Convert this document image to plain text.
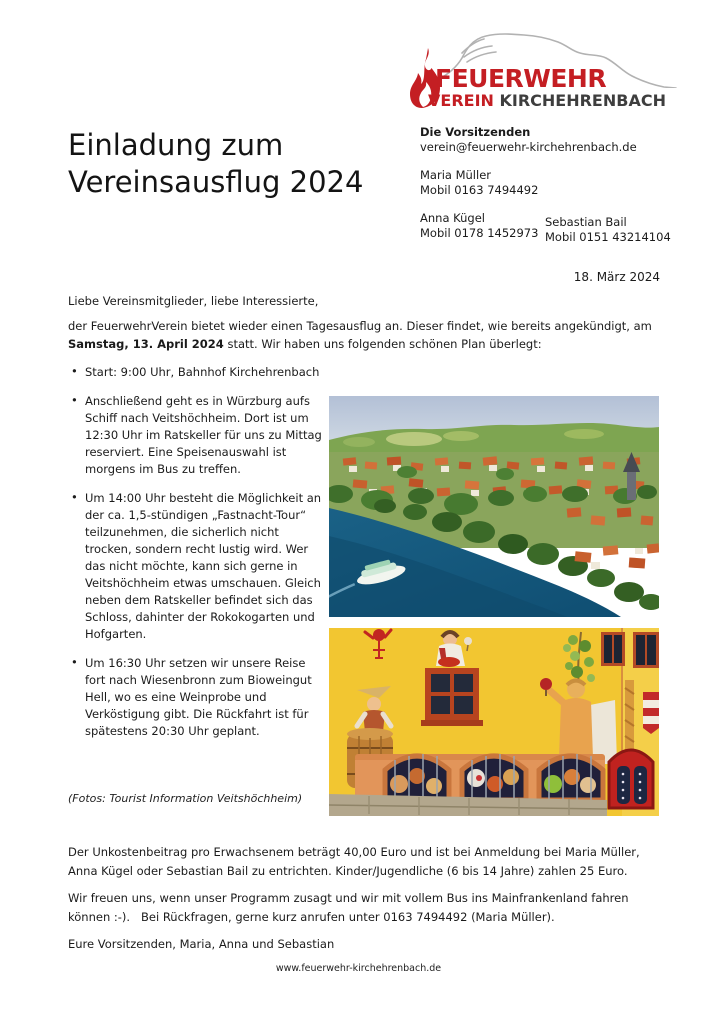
FEUERWEHR
VEREIN KIRCHEHRENBACH
Einladung zum
Vereinsausflug 2024
Die Vorsitzenden
verein@feuerwehr-kirchehrenbach.de
Maria Müller
Mobil 0163 7494492
Anna Kügel
Mobil 0178 1452973
Sebastian Bail
Mobil 0151 43214104
18. März 2024

Liebe Vereinsmitglieder, liebe Interessierte,

der FeuerwehrVerein bietet wieder einen Tagesausflug an. Dieser findet, wie bereits angekündigt, am Samstag, 13. April 2024 statt. Wir haben uns folgenden schönen Plan überlegt:

• Start: 9:00 Uhr, Bahnhof Kirchehrenbach
• Anschließend geht es in Würzburg aufs Schiff nach Veitshöchheim. Dort ist um 12:30 Uhr im Ratskeller für uns zu Mittag reserviert. Eine Speisenauswahl ist morgens im Bus zu treffen.
• Um 14:00 Uhr besteht die Möglichkeit an der ca. 1,5-stündigen „Fastnacht-Tour“ teilzunehmen, die sicherlich nicht trocken, sondern recht lustig wird. Wer das nicht möchte, kann sich gerne in Veitshöchheim etwas umschauen. Gleich neben dem Ratskeller befindet sich das Schloss, dahinter der Rokokogarten und Hofgarten.
• Um 16:30 Uhr setzen wir unsere Reise fort nach Wiesenbronn zum Bioweingut Hell, wo es eine Weinprobe und Verköstigung gibt. Die Rückfahrt ist für spätestens 20:30 Uhr geplant.
(Fotos: Tourist Information Veitshöchheim)

Der Unkostenbeitrag pro Erwachsenem beträgt 40,00 Euro und ist bei Anmeldung bei Maria Müller, Anna Kügel oder Sebastian Bail zu entrichten. Kinder/Jugendliche (6 bis 14 Jahre) zahlen 25 Euro.

Wir freuen uns, wenn unser Programm zusagt und wir mit vollem Bus ins Mainfrankenland fahren können :-).   Bei Rückfragen, gerne kurz anrufen unter 0163 7494492 (Maria Müller).

Eure Vorsitzenden, Maria, Anna und Sebastian

www.feuerwehr-kirchehrenbach.de
